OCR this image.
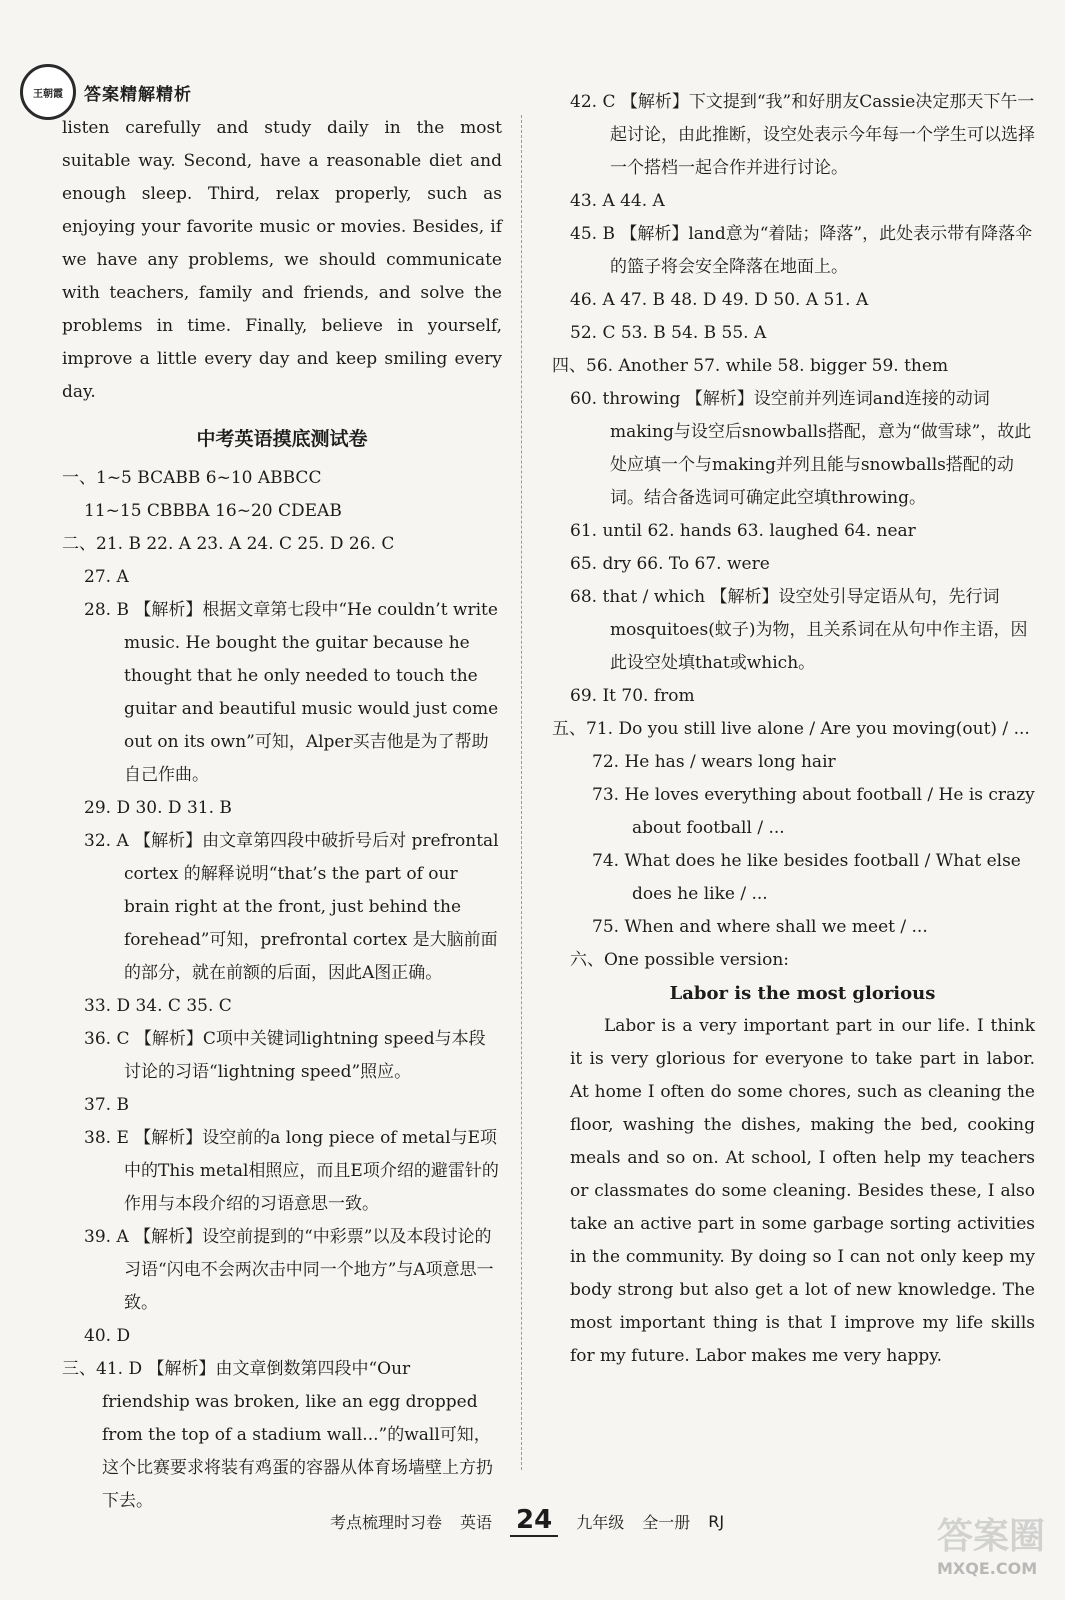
王朝霞	答案精解精析

listen carefully and study daily in the most suitable way. Second, have a reasonable diet and enough sleep. Third, relax properly, such as enjoying your favorite music or movies. Besides, if we have any problems, we should communicate with teachers, family and friends, and solve the problems in time. Finally, believe in yourself, improve a little every day and keep smiling every day.

中考英语摸底测试卷

一、1~5 BCABB 6~10 ABBCC

11~15 CBBBA 16~20 CDEAB

二、21. B 22. A 23. A 24. C 25. D 26. C

27. A

28. B 【解析】根据文章第七段中“He couldn’t write music. He bought the guitar because he thought that he only needed to touch the guitar and beautiful music would just come out on its own”可知，Alper买吉他是为了帮助自己作曲。

29. D 30. D 31. B

32. A 【解析】由文章第四段中破折号后对 prefrontal cortex 的解释说明“that’s the part of our brain right at the front, just behind the forehead”可知，prefrontal cortex 是大脑前面的部分，就在前额的后面，因此A图正确。

33. D 34. C 35. C

36. C 【解析】C项中关键词lightning speed与本段讨论的习语“lightning speed”照应。

37. B

38. E 【解析】设空前的a long piece of metal与E项中的This metal相照应，而且E项介绍的避雷针的作用与本段介绍的习语意思一致。

39. A 【解析】设空前提到的“中彩票”以及本段讨论的习语“闪电不会两次击中同一个地方”与A项意思一致。

40. D

三、41. D 【解析】由文章倒数第四段中“Our friendship was broken, like an egg dropped from the top of a stadium wall...”的wall可知，这个比赛要求将装有鸡蛋的容器从体育场墙壁上方扔下去。

42. C 【解析】下文提到“我”和好朋友Cassie决定那天下午一起讨论，由此推断，设空处表示今年每一个学生可以选择一个搭档一起合作并进行讨论。

43. A 44. A

45. B 【解析】land意为“着陆；降落”，此处表示带有降落伞的篮子将会安全降落在地面上。

46. A 47. B 48. D 49. D 50. A 51. A

52. C 53. B 54. B 55. A

四、56. Another 57. while 58. bigger 59. them

60. throwing 【解析】设空前并列连词and连接的动词making与设空后snowballs搭配，意为“做雪球”，故此处应填一个与making并列且能与snowballs搭配的动词。结合备选词可确定此空填throwing。

61. until 62. hands 63. laughed 64. near

65. dry 66. To 67. were

68. that / which 【解析】设空处引导定语从句，先行词mosquitoes(蚊子)为物，且关系词在从句中作主语，因此设空处填that或which。

69. It 70. from

五、71. Do you still live alone / Are you moving(out) / ...

72. He has / wears long hair

73. He loves everything about football / He is crazy about football / ...

74. What does he like besides football / What else does he like / ...

75. When and where shall we meet / ...

六、One possible version:

Labor is the most glorious

Labor is a very important part in our life. I think it is very glorious for everyone to take part in labor. At home I often do some chores, such as cleaning the floor, washing the dishes, making the bed, cooking meals and so on. At school, I often help my teachers or classmates do some cleaning. Besides these, I also take an active part in some garbage sorting activities in the community. By doing so I can not only keep my body strong but also get a lot of new knowledge. The most important thing is that I improve my life skills for my future. Labor makes me very happy.

考点梳理时习卷 英语 24	九年级 全一册 RJ	答案圈
MXQE.COM
